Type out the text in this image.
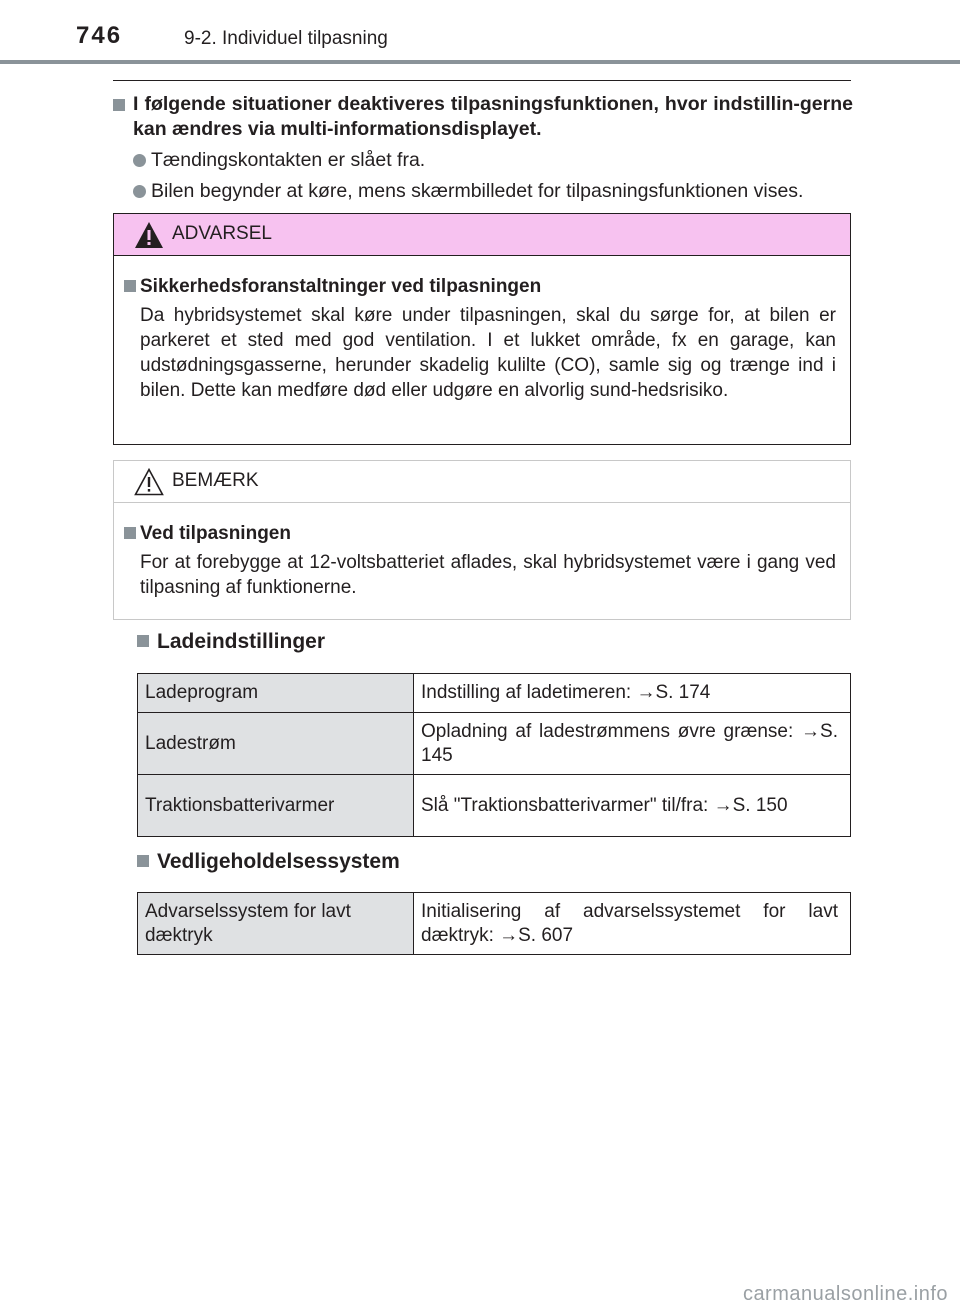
746	9-2. Individuel tilpasning

I følgende situationer deaktiveres tilpasningsfunktionen, hvor indstillin-gerne kan ændres via multi-informationsdisplayet.

Tændingskontakten er slået fra.
Bilen begynder at køre, mens skærmbilledet for tilpasningsfunktionen vises.
ADVARSEL
Sikkerhedsforanstaltninger ved tilpasningen
Da hybridsystemet skal køre under tilpasningen, skal du sørge for, at bilen er parkeret et sted med god ventilation. I et lukket område, fx en garage, kan udstødningsgasserne, herunder skadelig kulilte (CO), samle sig og trænge ind i bilen. Dette kan medføre død eller udgøre en alvorlig sund-hedsrisiko.
BEMÆRK
Ved tilpasningen
For at forebygge at 12-voltsbatteriet aflades, skal hybridsystemet være i gang ved tilpasning af funktionerne.
Ladeindstillinger
Ladeprogram	Indstilling af ladetimeren: →S. 174
Ladestrøm	Opladning af ladestrømmens øvre grænse: →S. 145
Traktionsbatterivarmer	Slå "Traktionsbatterivarmer" til/fra: →S. 150
Vedligeholdelsessystem
Advarselssystem for lavt dæktryk	Initialisering af advarselssystemet for lavt dæktryk: →S. 607
carmanualsonline.info
